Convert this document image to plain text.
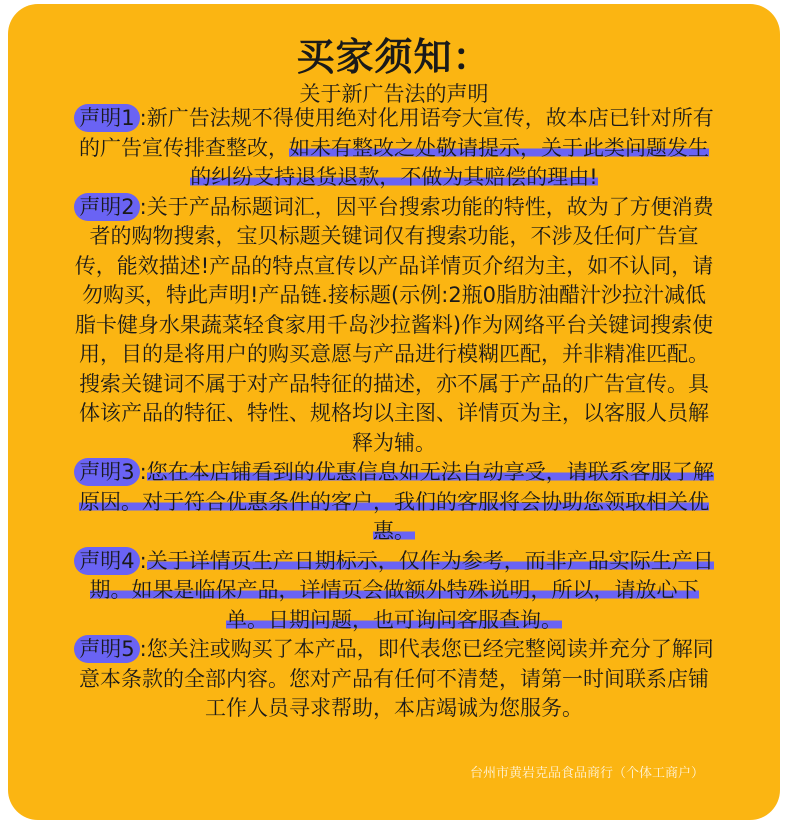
买家须知：
关于新广告法的声明

声明1 :新广告法规不得使用绝对化用语夸大宣传，故本店已针对所有的广告宣传排查整改，如未有整改之处敬请提示，关于此类问题发生的纠纷支持退货退款，不做为其赔偿的理由!

声明2 :关于产品标题词汇，因平台搜索功能的特性，故为了方便消费者的购物搜索，宝贝标题关键词仅有搜索功能，不涉及任何广告宣传，能效描述!产品的特点宣传以产品详情页介绍为主，如不认同，请勿购买，特此声明!产品链.接标题(示例:2瓶0脂肪油醋汁沙拉汁减低脂卡健身水果蔬菜轻食家用千岛沙拉酱料)作为网络平台关键词搜索使用，目的是将用户的购买意愿与产品进行模糊匹配，并非精准匹配。搜索关键词不属于对产品特征的描述，亦不属于产品的广告宣传。具体该产品的特征、特性、规格均以主图、详情页为主，以客服人员解释为辅。

声明3 :您在本店铺看到的优惠信息如无法自动享受，请联系客服了解原因。对于符合优惠条件的客户，我们的客服将会协助您领取相关优惠。

声明4 :关于详情页生产日期标示，仅作为参考，而非产品实际生产日期。如果是临保产品，详情页会做额外特殊说明，所以，请放心下单。日期问题，也可询问客服查询。

声明5 :您关注或购买了本产品，即代表您已经完整阅读并充分了解同意本条款的全部内容。您对产品有任何不清楚，请第一时间联系店铺工作人员寻求帮助，本店竭诚为您服务。

台州市黄岩克品食品商行（个体工商户）
